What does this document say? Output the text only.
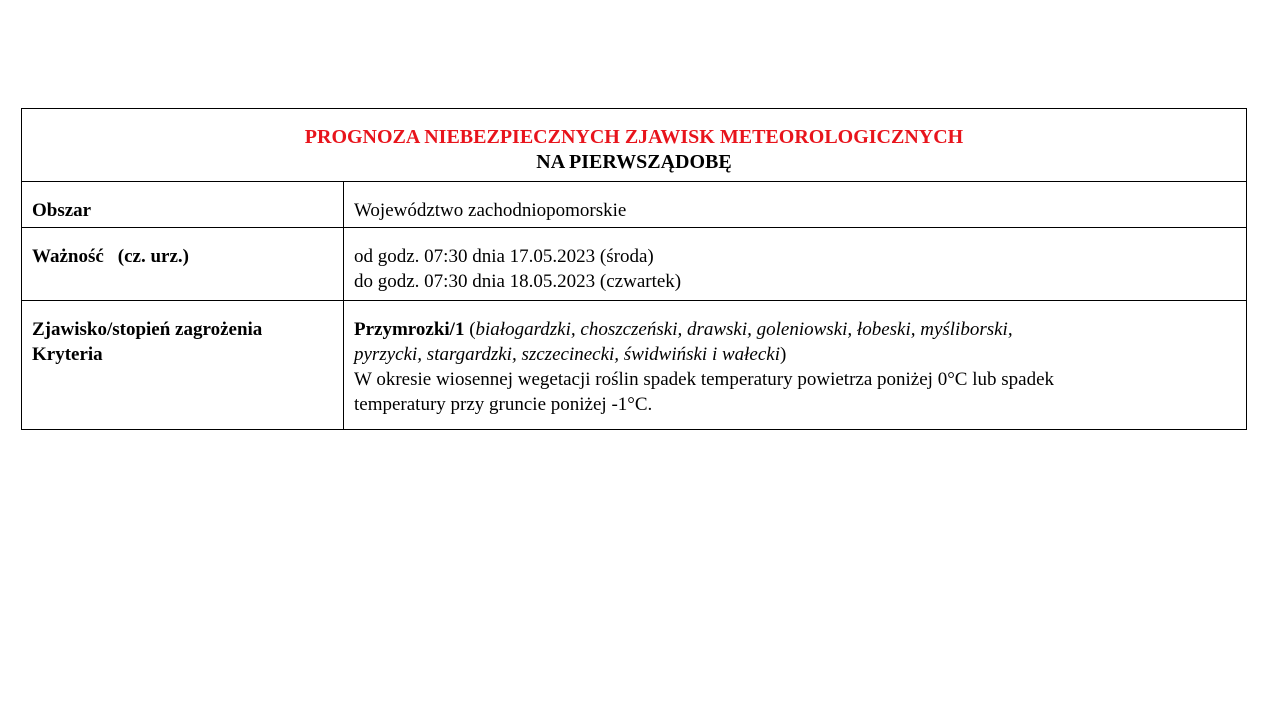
PROGNOZA NIEBEZPIECZNYCH ZJAWISK METEOROLOGICZNYCH
NA PIERWSZĄDOBĘ	

Obszar	Województwo zachodniopomorskie
Ważność (cz. urz.)	od godz. 07:30 dnia 17.05.2023 (środa)
do godz. 07:30 dnia 18.05.2023 (czwartek)

Zjawisko/stopień zagrożenia
Kryteria	Przymrozki/1 (białogardzki, choszczeński, drawski, goleniowski, łobeski, myśliborski,
pyrzycki, stargardzki, szczecinecki, świdwiński i wałecki)
W okresie wiosennej wegetacji roślin spadek temperatury powietrza poniżej 0°C lub spadek
temperatury przy gruncie poniżej -1°C.
